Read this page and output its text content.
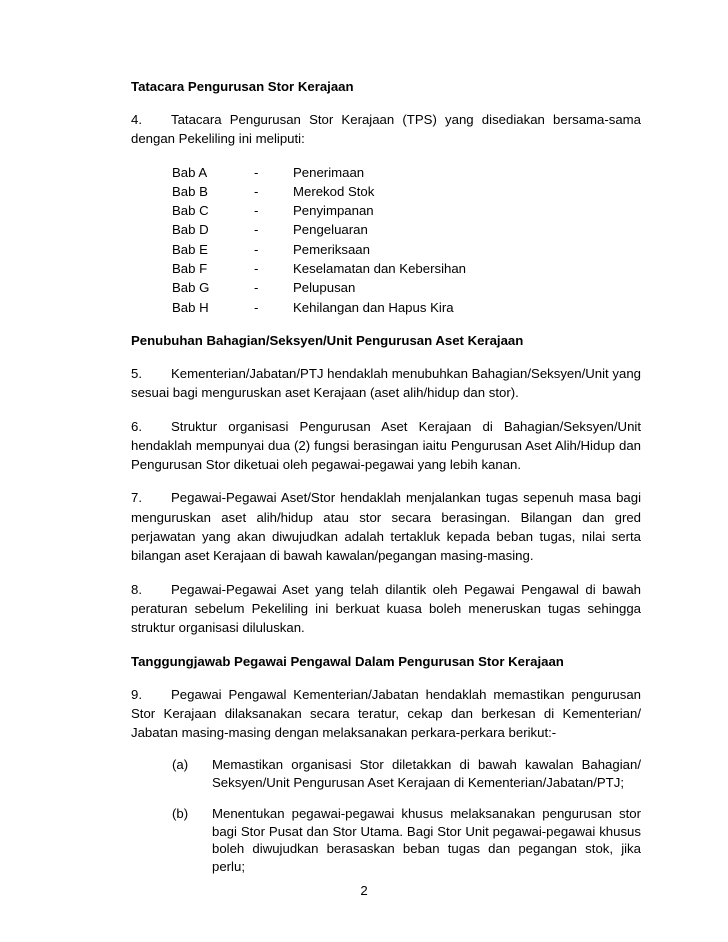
Tatacara Pengurusan Stor Kerajaan

4. Tatacara Pengurusan Stor Kerajaan (TPS) yang disediakan bersama-sama dengan Pekeliling ini meliputi:

Bab A	-	Penerimaan
Bab B	-	Merekod Stok
Bab C	-	Penyimpanan
Bab D	-	Pengeluaran
Bab E	-	Pemeriksaan
Bab F	-	Keselamatan dan Kebersihan
Bab G	-	Pelupusan
Bab H	-	Kehilangan dan Hapus Kira

Penubuhan Bahagian/Seksyen/Unit Pengurusan Aset Kerajaan

5. Kementerian/Jabatan/PTJ hendaklah menubuhkan Bahagian/Seksyen/Unit yang sesuai bagi menguruskan aset Kerajaan (aset alih/hidup dan stor).

6. Struktur organisasi Pengurusan Aset Kerajaan di Bahagian/Seksyen/Unit hendaklah mempunyai dua (2) fungsi berasingan iaitu Pengurusan Aset Alih/Hidup dan Pengurusan Stor diketuai oleh pegawai-pegawai yang lebih kanan.

7. Pegawai-Pegawai Aset/Stor hendaklah menjalankan tugas sepenuh masa bagi menguruskan aset alih/hidup atau stor secara berasingan. Bilangan dan gred perjawatan yang akan diwujudkan adalah tertakluk kepada beban tugas, nilai serta bilangan aset Kerajaan di bawah kawalan/pegangan masing-masing.

8. Pegawai-Pegawai Aset yang telah dilantik oleh Pegawai Pengawal di bawah peraturan sebelum Pekeliling ini berkuat kuasa boleh meneruskan tugas sehingga struktur organisasi diluluskan.

Tanggungjawab Pegawai Pengawal Dalam Pengurusan Stor Kerajaan

9. Pegawai Pengawal Kementerian/Jabatan hendaklah memastikan pengurusan Stor Kerajaan dilaksanakan secara teratur, cekap dan berkesan di Kementerian/ Jabatan masing-masing dengan melaksanakan perkara-perkara berikut:-

(a)	Memastikan organisasi Stor diletakkan di bawah kawalan Bahagian/ Seksyen/Unit Pengurusan Aset Kerajaan di Kementerian/Jabatan/PTJ;
(b)	Menentukan pegawai-pegawai khusus melaksanakan pengurusan stor bagi Stor Pusat dan Stor Utama. Bagi Stor Unit pegawai-pegawai khusus boleh diwujudkan berasaskan beban tugas dan pegangan stok, jika perlu;
2
